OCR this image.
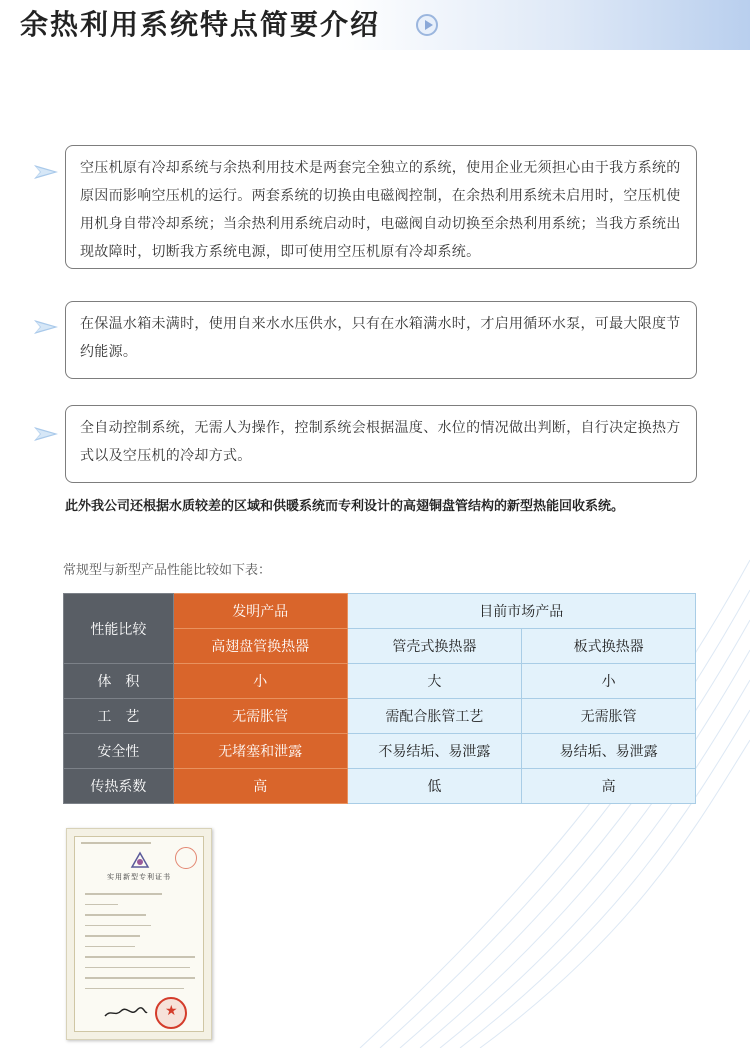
余热利用系统特点简要介绍

空压机原有冷却系统与余热利用技术是两套完全独立的系统，使用企业无须担心由于我方系统的原因而影响空压机的运行。两套系统的切换由电磁阀控制，在余热利用系统未启用时，空压机使用机身自带冷却系统；当余热利用系统启动时，电磁阀自动切换至余热利用系统；当我方系统出现故障时，切断我方系统电源，即可使用空压机原有冷却系统。

在保温水箱未满时，使用自来水水压供水，只有在水箱满水时，才启用循环水泵，可最大限度节约能源。

全自动控制系统，无需人为操作，控制系统会根据温度、水位的情况做出判断，自行决定换热方式以及空压机的冷却方式。

此外我公司还根据水质较差的区域和供暖系统而专利设计的高翅铜盘管结构的新型热能回收系统。
常规型与新型产品性能比较如下表：
性能比较	发明产品	目前市场产品	
	高翅盘管换热器	管壳式换热器	板式换热器
体　积	小	大	小
工　艺	无需胀管	需配合胀管工艺	无需胀管
安全性	无堵塞和泄露	不易结垢、易泄露	易结垢、易泄露
传热系数	高	低	高
实用新型专利证书
★
